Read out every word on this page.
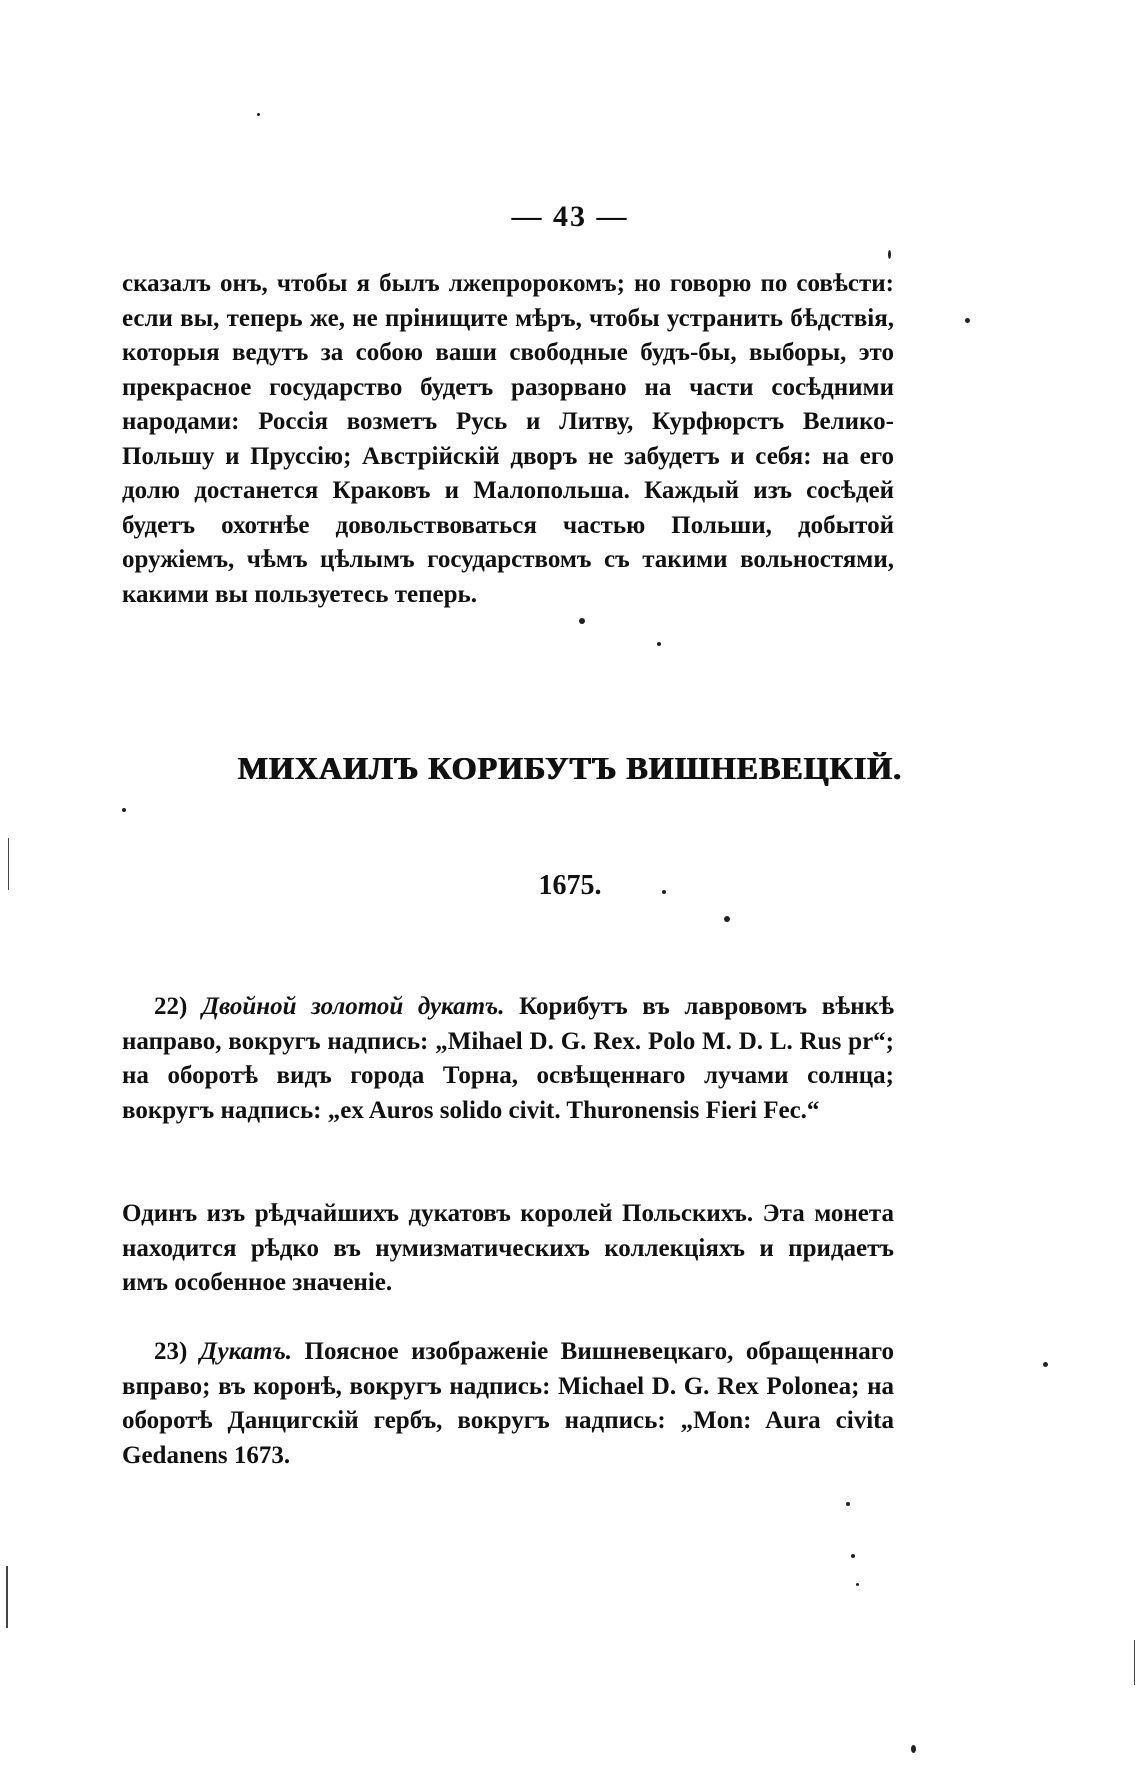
— 43 —

сказалъ онъ, чтобы я былъ лжепророкомъ; но говорю по совѣсти: если вы, теперь же, не прінищите мѣръ, чтобы устранить бѣдствія, которыя ведутъ за собою ваши свободные будъ-бы, выборы, это прекрасное государство будетъ разорвано на части сосѣдними народами: Россія возметъ Русь и Литву, Курфюрстъ Велико-Польшу и Пруссію; Австрійскій дворъ не забудетъ и себя: на его долю достанется Краковъ и Малопольша. Каждый изъ сосѣдей будетъ охотнѣе довольствоваться частью Польши, добытой оружіемъ, чѣмъ цѣлымъ государствомъ съ такими вольностями, какими вы пользуетесь теперь.

МИХАИЛЪ КОРИБУТЪ ВИШНЕВЕЦКІЙ.
1675.

22) Двойной золотой дукатъ. Корибутъ въ лавровомъ вѣнкѣ направо, вокругъ надпись: „Mihael D. G. Rex. Polo M. D. L. Rus pr“; на оборотѣ видъ города Торна, освѣщеннаго лучами солнца; вокругъ надпись: „ex Auros solido civit. Thuronensis Fieri Fec.“

Одинъ изъ рѣдчайшихъ дукатовъ королей Польскихъ. Эта монета находится рѣдко въ нумизматическихъ коллекціяхъ и придаетъ имъ особенное значеніе.

23) Дукатъ. Поясное изображеніе Вишневецкаго, обращеннаго вправо; въ коронѣ, вокругъ надпись: Michael D. G. Rex Polonea; на оборотѣ Данцигскій гербъ, вокругъ надпись: „Mon: Aura civita Gedanens 1673.
